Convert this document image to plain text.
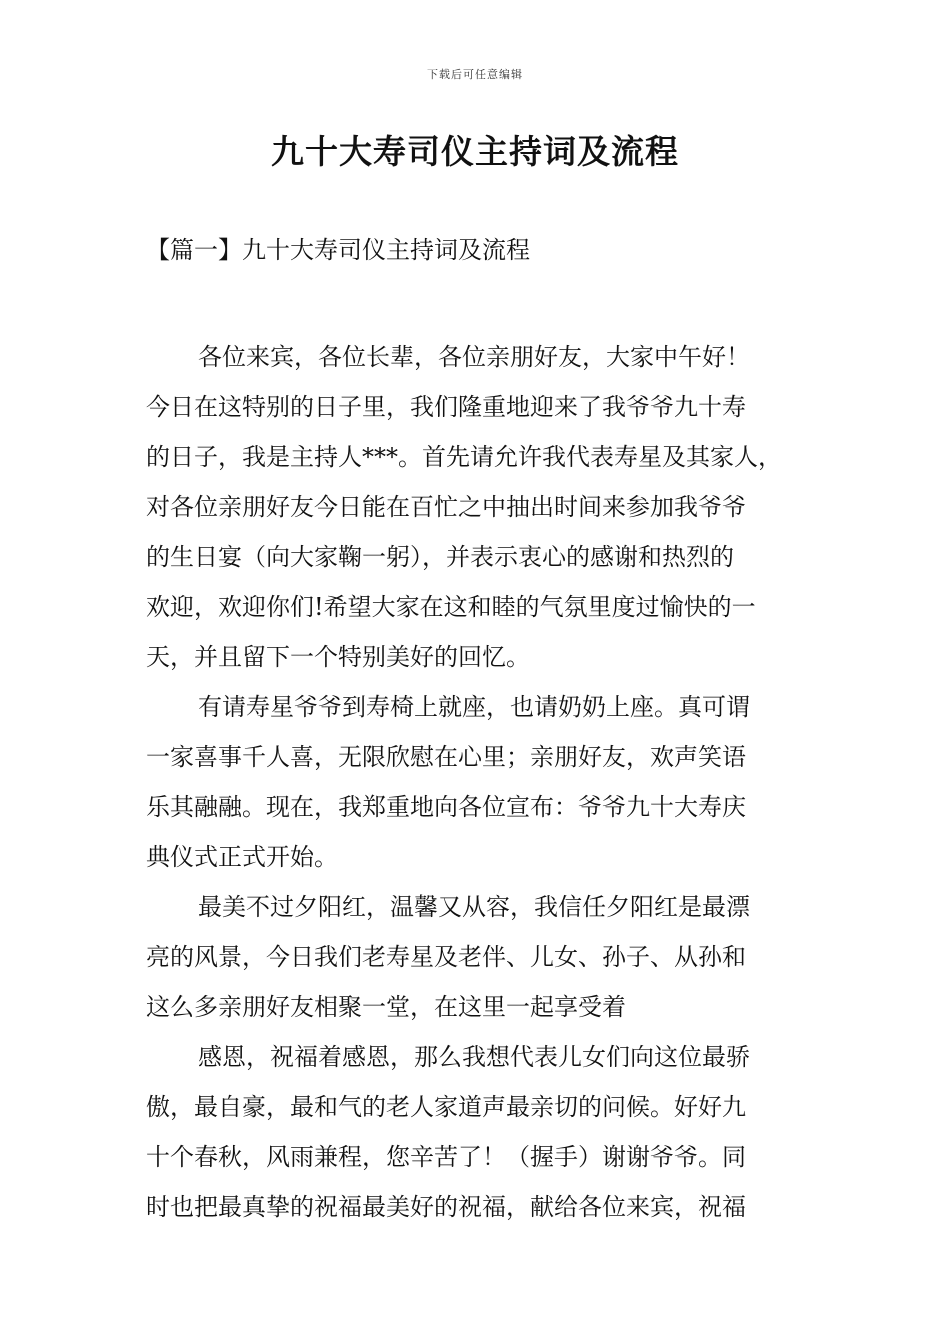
下载后可任意编辑
九十大寿司仪主持词及流程
【篇一】九十大寿司仪主持词及流程
各位来宾，各位长辈，各位亲朋好友，大家中午好！
今日在这特别的日子里，我们隆重地迎来了我爷爷九十寿
的日子，我是主持人***。首先请允许我代表寿星及其家人，
对各位亲朋好友今日能在百忙之中抽出时间来参加我爷爷
的生日宴（向大家鞠一躬），并表示衷心的感谢和热烈的
欢迎，欢迎你们!希望大家在这和睦的气氛里度过愉快的一
天，并且留下一个特别美好的回忆。
有请寿星爷爷到寿椅上就座，也请奶奶上座。真可谓
一家喜事千人喜，无限欣慰在心里；亲朋好友，欢声笑语
乐其融融。现在，我郑重地向各位宣布：爷爷九十大寿庆
典仪式正式开始。
最美不过夕阳红，温馨又从容，我信任夕阳红是最漂
亮的风景，今日我们老寿星及老伴、儿女、孙子、从孙和
这么多亲朋好友相聚一堂，在这里一起享受着
感恩，祝福着感恩，那么我想代表儿女们向这位最骄
傲，最自豪，最和气的老人家道声最亲切的问候。好好九
十个春秋，风雨兼程，您辛苦了！（握手）谢谢爷爷。同
时也把最真挚的祝福最美好的祝福，献给各位来宾，祝福
